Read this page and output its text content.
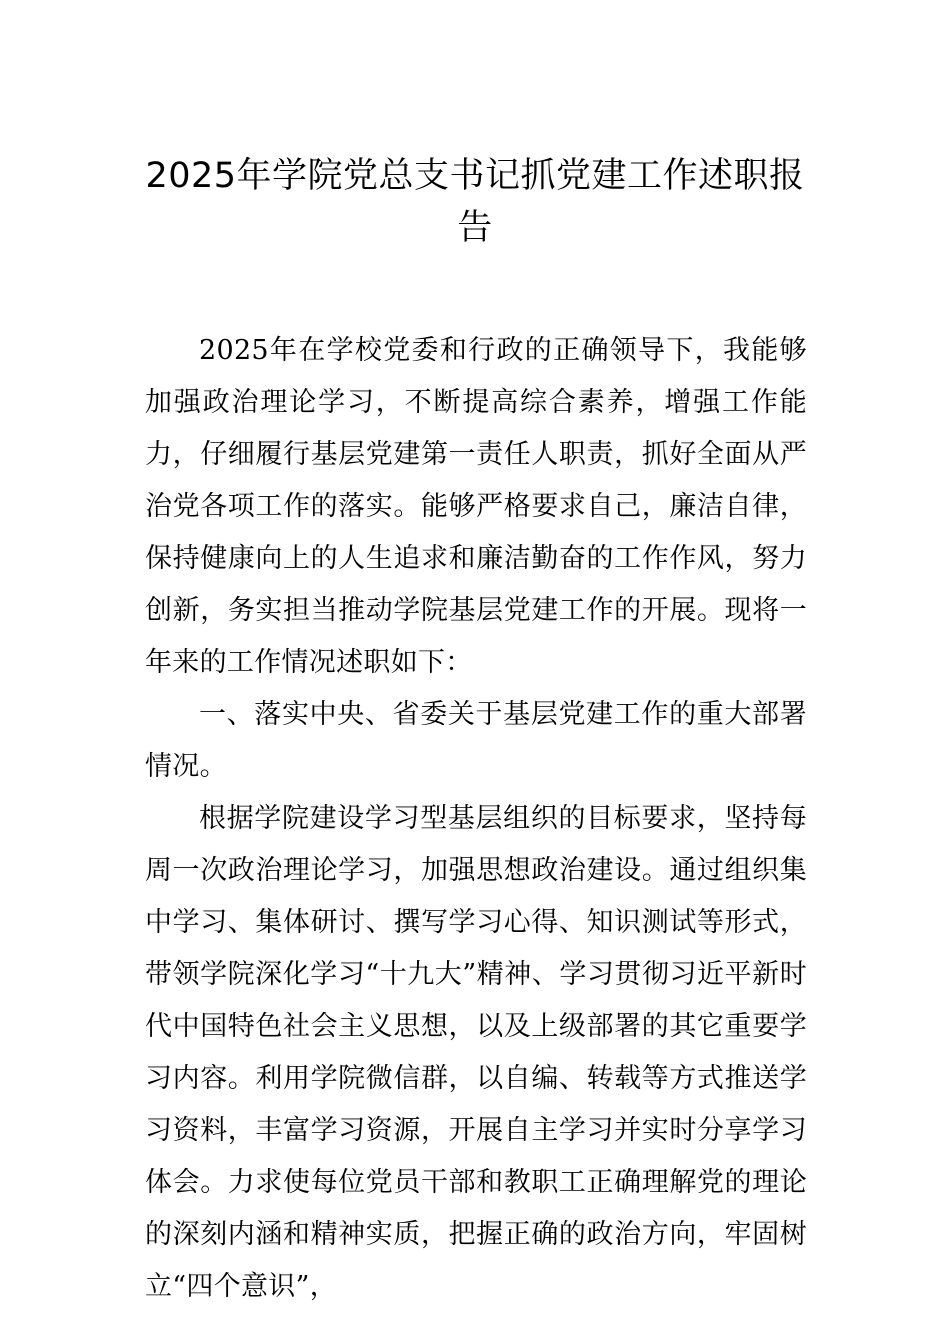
2025年学院党总支书记抓党建工作述职报告

2025年在学校党委和行政的正确领导下，我能够加强政治理论学习，不断提高综合素养，增强工作能力，仔细履行基层党建第一责任人职责，抓好全面从严治党各项工作的落实。能够严格要求自己，廉洁自律，保持健康向上的人生追求和廉洁勤奋的工作作风，努力创新，务实担当推动学院基层党建工作的开展。现将一年来的工作情况述职如下：

一、落实中央、省委关于基层党建工作的重大部署情况。

根据学院建设学习型基层组织的目标要求，坚持每周一次政治理论学习，加强思想政治建设。通过组织集中学习、集体研讨、撰写学习心得、知识测试等形式，带领学院深化学习“十九大”精神、学习贯彻习近平新时代中国特色社会主义思想，以及上级部署的其它重要学习内容。利用学院微信群，以自编、转载等方式推送学习资料，丰富学习资源，开展自主学习并实时分享学习体会。力求使每位党员干部和教职工正确理解党的理论的深刻内涵和精神实质，把握正确的政治方向，牢固树立“四个意识”，
